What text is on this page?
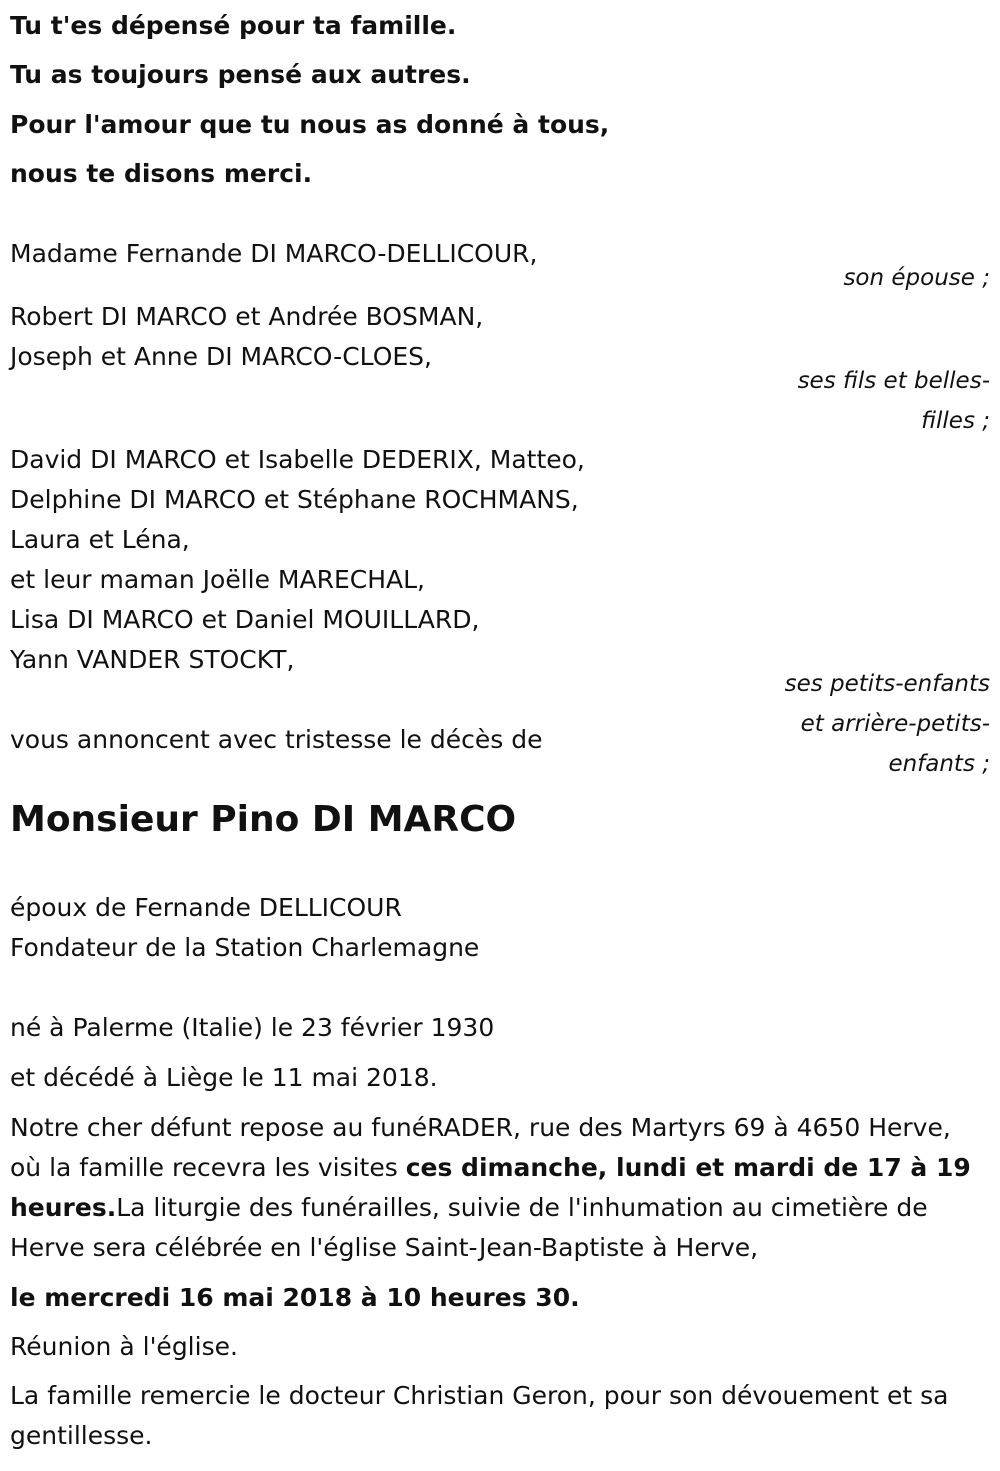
Tu t'es dépensé pour ta famille.
Tu as toujours pensé aux autres.
Pour l'amour que tu nous as donné à tous,
nous te disons merci.
Madame Fernande DI MARCO-DELLICOUR,
son épouse ;
Robert DI MARCO et Andrée BOSMAN,
Joseph et Anne DI MARCO-CLOES,
ses fils et belles-
filles ;
David DI MARCO et Isabelle DEDERIX, Matteo,
Delphine DI MARCO et Stéphane ROCHMANS,
Laura et Léna,
et leur maman Joëlle MARECHAL,
Lisa DI MARCO et Daniel MOUILLARD,
Yann VANDER STOCKT,
ses petits-enfants
et arrière-petits-
enfants ;
vous annoncent avec tristesse le décès de
Monsieur Pino DI MARCO
époux de Fernande DELLICOUR
Fondateur de la Station Charlemagne
né à Palerme (Italie) le 23 février 1930
et décédé à Liège le 11 mai 2018.
Notre cher défunt repose au funéRADER, rue des Martyrs 69 à 4650 Herve, où la famille recevra les visites ces dimanche, lundi et mardi de 17 à 19 heures.La liturgie des funérailles, suivie de l'inhumation au cimetière de Herve sera célébrée en l'église Saint-Jean-Baptiste à Herve,
le mercredi 16 mai 2018 à 10 heures 30.
Réunion à l'église.
La famille remercie le docteur Christian Geron, pour son dévouement et sa gentillesse.
